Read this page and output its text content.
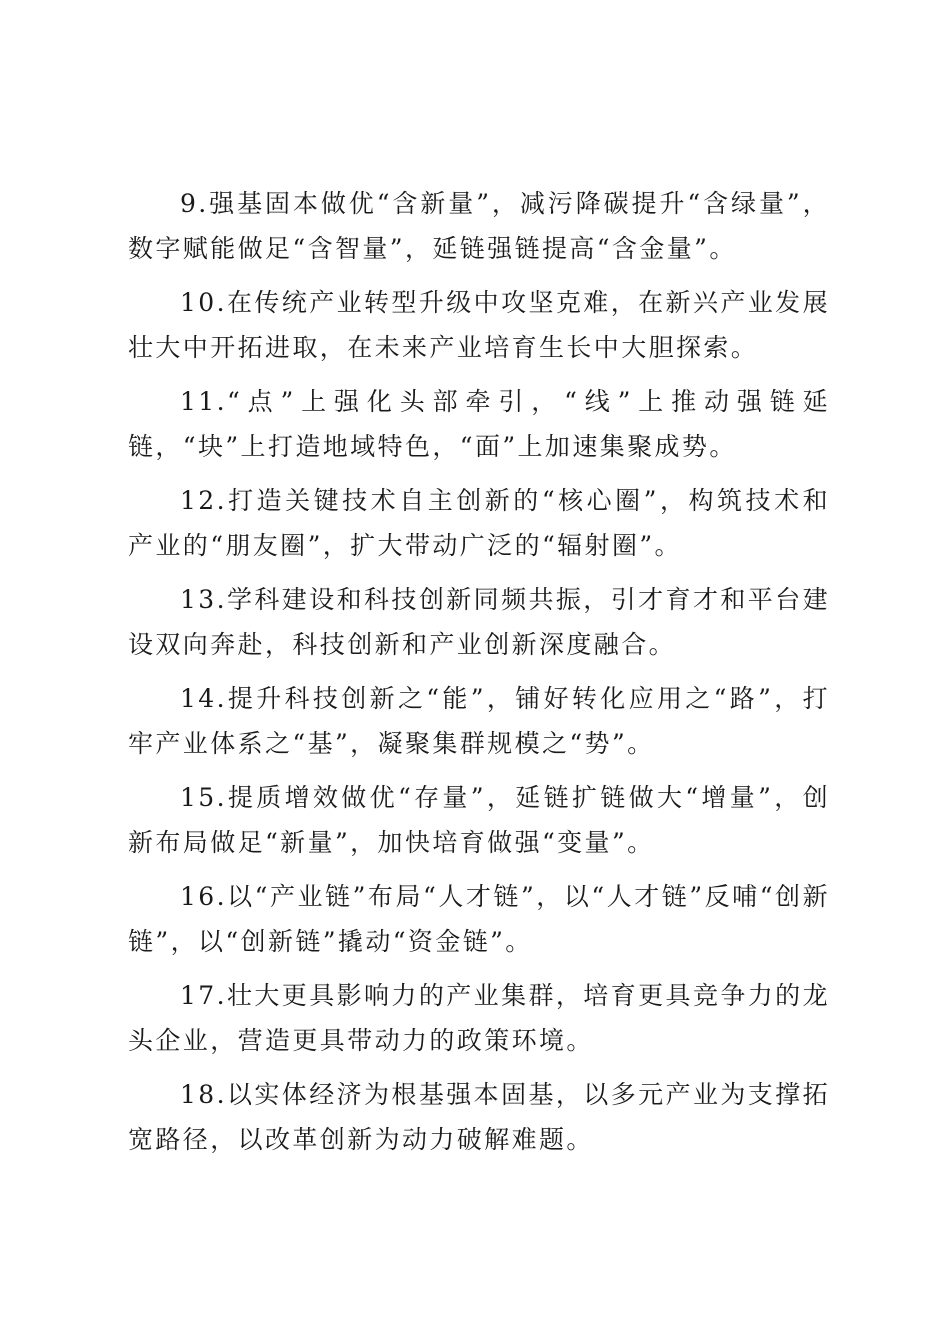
9.强基固本做优“含新量”，减污降碳提升“含绿量”，数字赋能做足“含智量”，延链强链提高“含金量”。

10.在传统产业转型升级中攻坚克难，在新兴产业发展壮大中开拓进取，在未来产业培育生长中大胆探索。

11.“点”上强化头部牵引，“线”上推动强链延链，“块”上打造地域特色，“面”上加速集聚成势。

12.打造关键技术自主创新的“核心圈”，构筑技术和产业的“朋友圈”，扩大带动广泛的“辐射圈”。

13.学科建设和科技创新同频共振，引才育才和平台建设双向奔赴，科技创新和产业创新深度融合。

14.提升科技创新之“能”，铺好转化应用之“路”，打牢产业体系之“基”，凝聚集群规模之“势”。

15.提质增效做优“存量”，延链扩链做大“增量”，创新布局做足“新量”，加快培育做强“变量”。

16.以“产业链”布局“人才链”，以“人才链”反哺“创新链”，以“创新链”撬动“资金链”。

17.壮大更具影响力的产业集群，培育更具竞争力的龙头企业，营造更具带动力的政策环境。

18.以实体经济为根基强本固基，以多元产业为支撑拓宽路径，以改革创新为动力破解难题。
